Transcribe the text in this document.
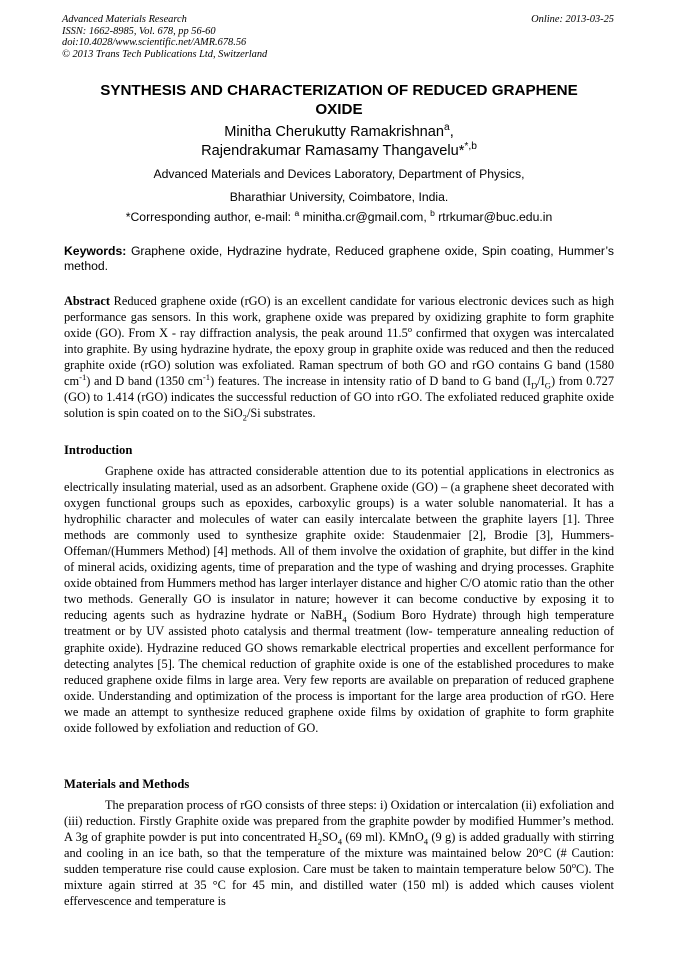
Advanced Materials Research
ISSN: 1662-8985, Vol. 678, pp 56-60
doi:10.4028/www.scientific.net/AMR.678.56
© 2013 Trans Tech Publications Ltd, Switzerland
Online: 2013-03-25
SYNTHESIS AND CHARACTERIZATION OF REDUCED GRAPHENE
OXIDE
Minitha Cherukutty Ramakrishnan$^a$,
Rajendrakumar Ramasamy Thangavelu*$^{*,b}$
Advanced Materials and Devices Laboratory, Department of Physics,
Bharathiar University, Coimbatore, India.
*Corresponding author, e-mail: $^a$ minitha.cr@gmail.com, $^b$ rtrkumar@buc.edu.in
Keywords: Graphene oxide, Hydrazine hydrate, Reduced graphene oxide, Spin coating, Hummer’s method.
Abstract Reduced graphene oxide (rGO) is an excellent candidate for various electronic devices such as high performance gas sensors. In this work, graphene oxide was prepared by oxidizing graphite to form graphite oxide (GO). From X - ray diffraction analysis, the peak around 11.5$^o$ confirmed that oxygen was intercalated into graphite. By using hydrazine hydrate, the epoxy group in graphite oxide was reduced and then the reduced graphite oxide (rGO) solution was exfoliated. Raman spectrum of both GO and rGO contains G band (1580 $cm^{-1}$) and D band (1350 $cm^{-1}$) features. The increase in intensity ratio of D band to G band $(I_D/I_G)$ from 0.727 (GO) to 1.414 (rGO) indicates the successful reduction of GO into rGO. The exfoliated reduced graphite oxide solution is spin coated on to the SiO$_2$/Si substrates.
Introduction
Graphene oxide has attracted considerable attention due to its potential applications in electronics as electrically insulating material, used as an adsorbent. Graphene oxide (GO) – (a graphene sheet decorated with oxygen functional groups such as epoxides, carboxylic groups) is a water soluble nanomaterial. It has a hydrophilic character and molecules of water can easily intercalate between the graphite layers [1]. Three methods are commonly used to synthesize graphite oxide: Staudenmaier [2], Brodie [3], Hummers-Offeman/(Hummers Method) [4] methods. All of them involve the oxidation of graphite, but differ in the kind of mineral acids, oxidizing agents, time of preparation and the type of washing and drying processes. Graphite oxide obtained from Hummers method has larger interlayer distance and higher C/O atomic ratio than the other two methods. Generally GO is insulator in nature; however it can become conductive by exposing it to reducing agents such as hydrazine hydrate or NaBH$_4$ (Sodium Boro Hydrate) through high temperature treatment or by UV assisted photo catalysis and thermal treatment (low- temperature annealing reduction of graphite oxide). Hydrazine reduced GO shows remarkable electrical properties and excellent performance for detecting analytes [5]. The chemical reduction of graphite oxide is one of the established procedures to make reduced graphene oxide films in large area. Very few reports are available on preparation of reduced graphene oxide. Understanding and optimization of the process is important for the large area production of rGO. Here we made an attempt to synthesize reduced graphene oxide films by oxidation of graphite to form graphite oxide followed by exfoliation and reduction of GO.
Materials and Methods
The preparation process of rGO consists of three steps: i) Oxidation or intercalation (ii) exfoliation and (iii) reduction. Firstly Graphite oxide was prepared from the graphite powder by modified Hummer’s method. A 3g of graphite powder is put into concentrated $H_2SO_4$ (69 ml). KMnO$_4$ (9 g) is added gradually with stirring and cooling in an ice bath, so that the temperature of the mixture was maintained below 20°C (# Caution: sudden temperature rise could cause explosion. Care must be taken to maintain temperature below 50$^o$C). The mixture again stirred at 35 °C for 45 min, and distilled water (150 ml) is added which causes violent effervescence and temperature is
